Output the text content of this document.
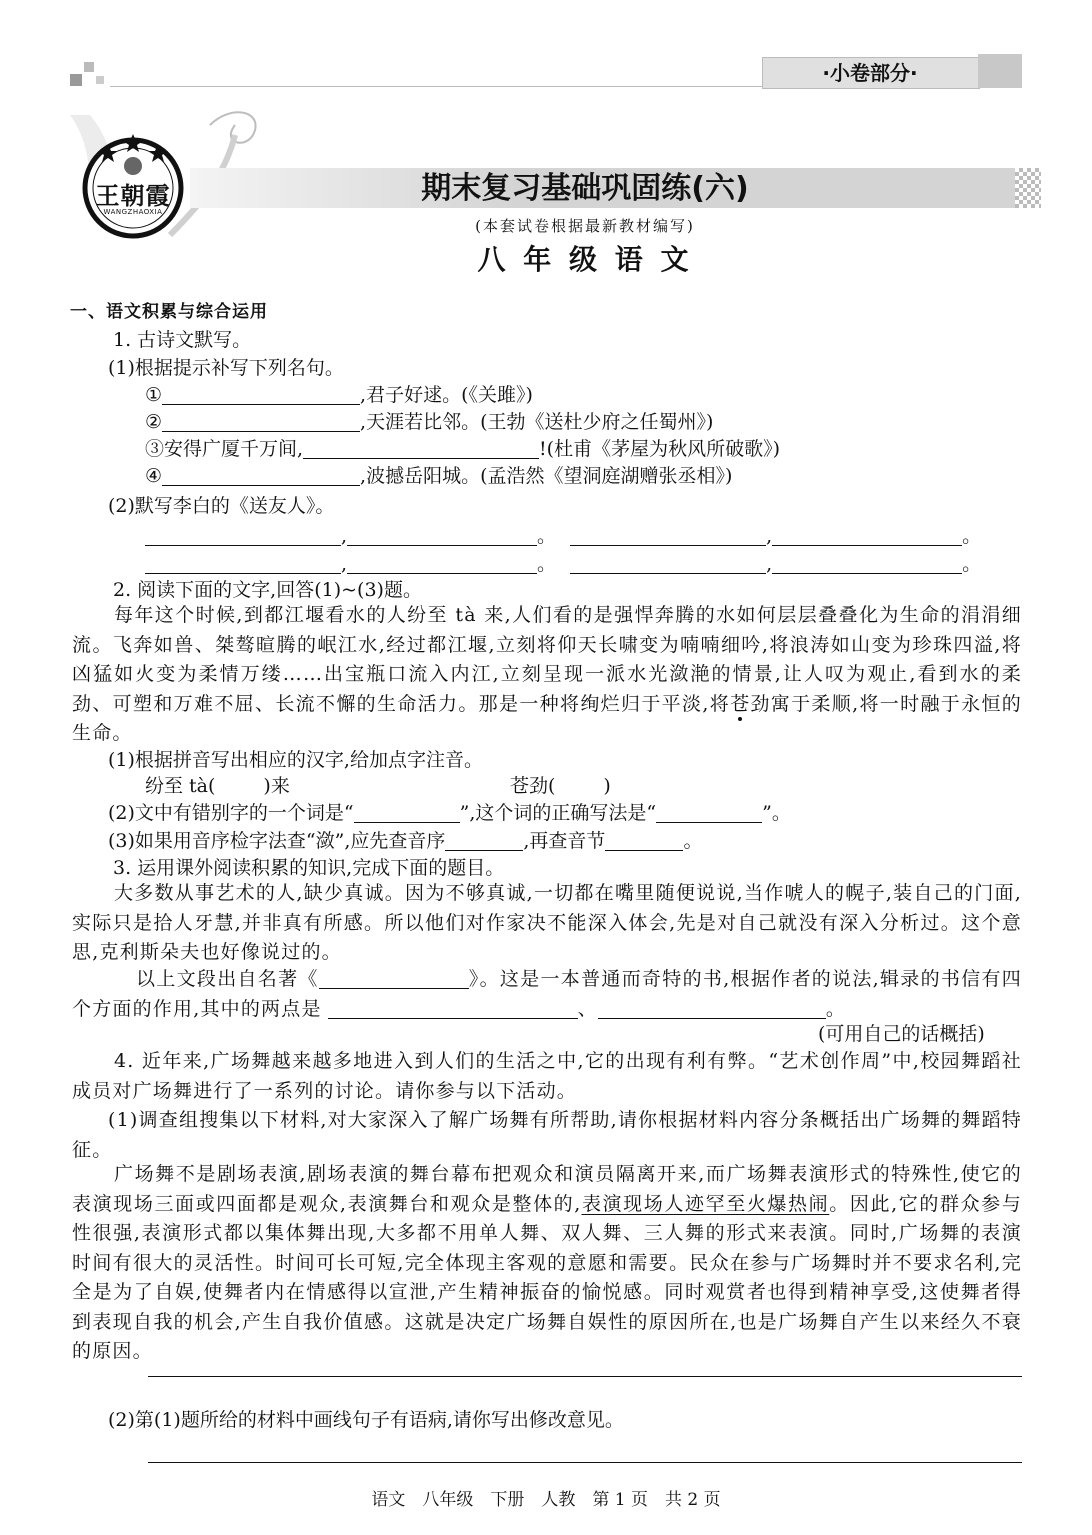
·小卷部分·
王朝霞
WANGZHAOXIA
期末复习基础巩固练(六)
(本套试卷根据最新教材编写)
八 年 级 语 文
一、语文积累与综合运用
1. 古诗文默写。
(1)根据提示补写下列名句。
①	,君子好逑。(《关雎》)
②	,天涯若比邻。(王勃《送杜少府之任蜀州》)
③安得广厦千万间,	!(杜甫《茅屋为秋风所破歌》)
④	,波撼岳阳城。(孟浩然《望洞庭湖赠张丞相》)
(2)默写李白的《送友人》。
,	。	,	。
,	。	,	。
2. 阅读下面的文字,回答(1)~(3)题。
每年这个时候,到都江堰看水的人纷至 tà 来,人们看的是强悍奔腾的水如何层层叠叠化为生命的涓涓细流。飞奔如兽、桀骜暄腾的岷江水,经过都江堰,立刻将仰天长啸变为喃喃细吟,将浪涛如山变为珍珠四溢,将凶猛如火变为柔情万缕……出宝瓶口流入内江,立刻呈现一派水光潋滟的情景,让人叹为观止,看到水的柔劲、可塑和万难不屈、长流不懈的生命活力。那是一种将绚烂归于平淡,将苍劲寓于柔顺,将一时融于永恒的生命。
(1)根据拼音写出相应的汉字,给加点字注音。
纷至 tà(	)来	苍劲(	)
(2)文中有错别字的一个词是“	”,这个词的正确写法是“	”。
(3)如果用音序检字法查“潋”,应先查音序	,再查音节	。
3. 运用课外阅读积累的知识,完成下面的题目。
大多数从事艺术的人,缺少真诚。因为不够真诚,一切都在嘴里随便说说,当作唬人的幌子,装自己的门面,实际只是拾人牙慧,并非真有所感。所以他们对作家决不能深入体会,先是对自己就没有深入分析过。这个意思,克利斯朵夫也好像说过的。
以上文段出自名著《	》。这是一本普通而奇特的书,根据作者的说法,辑录的书信有四个方面的作用,其中的两点是	、	。
(可用自己的话概括)
4. 近年来,广场舞越来越多地进入到人们的生活之中,它的出现有利有弊。“艺术创作周”中,校园舞蹈社成员对广场舞进行了一系列的讨论。请你参与以下活动。
(1)调查组搜集以下材料,对大家深入了解广场舞有所帮助,请你根据材料内容分条概括出广场舞的舞蹈特征。
广场舞不是剧场表演,剧场表演的舞台幕布把观众和演员隔离开来,而广场舞表演形式的特殊性,使它的表演现场三面或四面都是观众,表演舞台和观众是整体的,表演现场人迹罕至火爆热闹。因此,它的群众参与性很强,表演形式都以集体舞出现,大多都不用单人舞、双人舞、三人舞的形式来表演。同时,广场舞的表演时间有很大的灵活性。时间可长可短,完全体现主客观的意愿和需要。民众在参与广场舞时并不要求名利,完全是为了自娱,使舞者内在情感得以宣泄,产生精神振奋的愉悦感。同时观赏者也得到精神享受,这使舞者得到表现自我的机会,产生自我价值感。这就是决定广场舞自娱性的原因所在,也是广场舞自产生以来经久不衰的原因。
(2)第(1)题所给的材料中画线句子有语病,请你写出修改意见。
语文　八年级　下册　人教　第 1 页　共 2 页
